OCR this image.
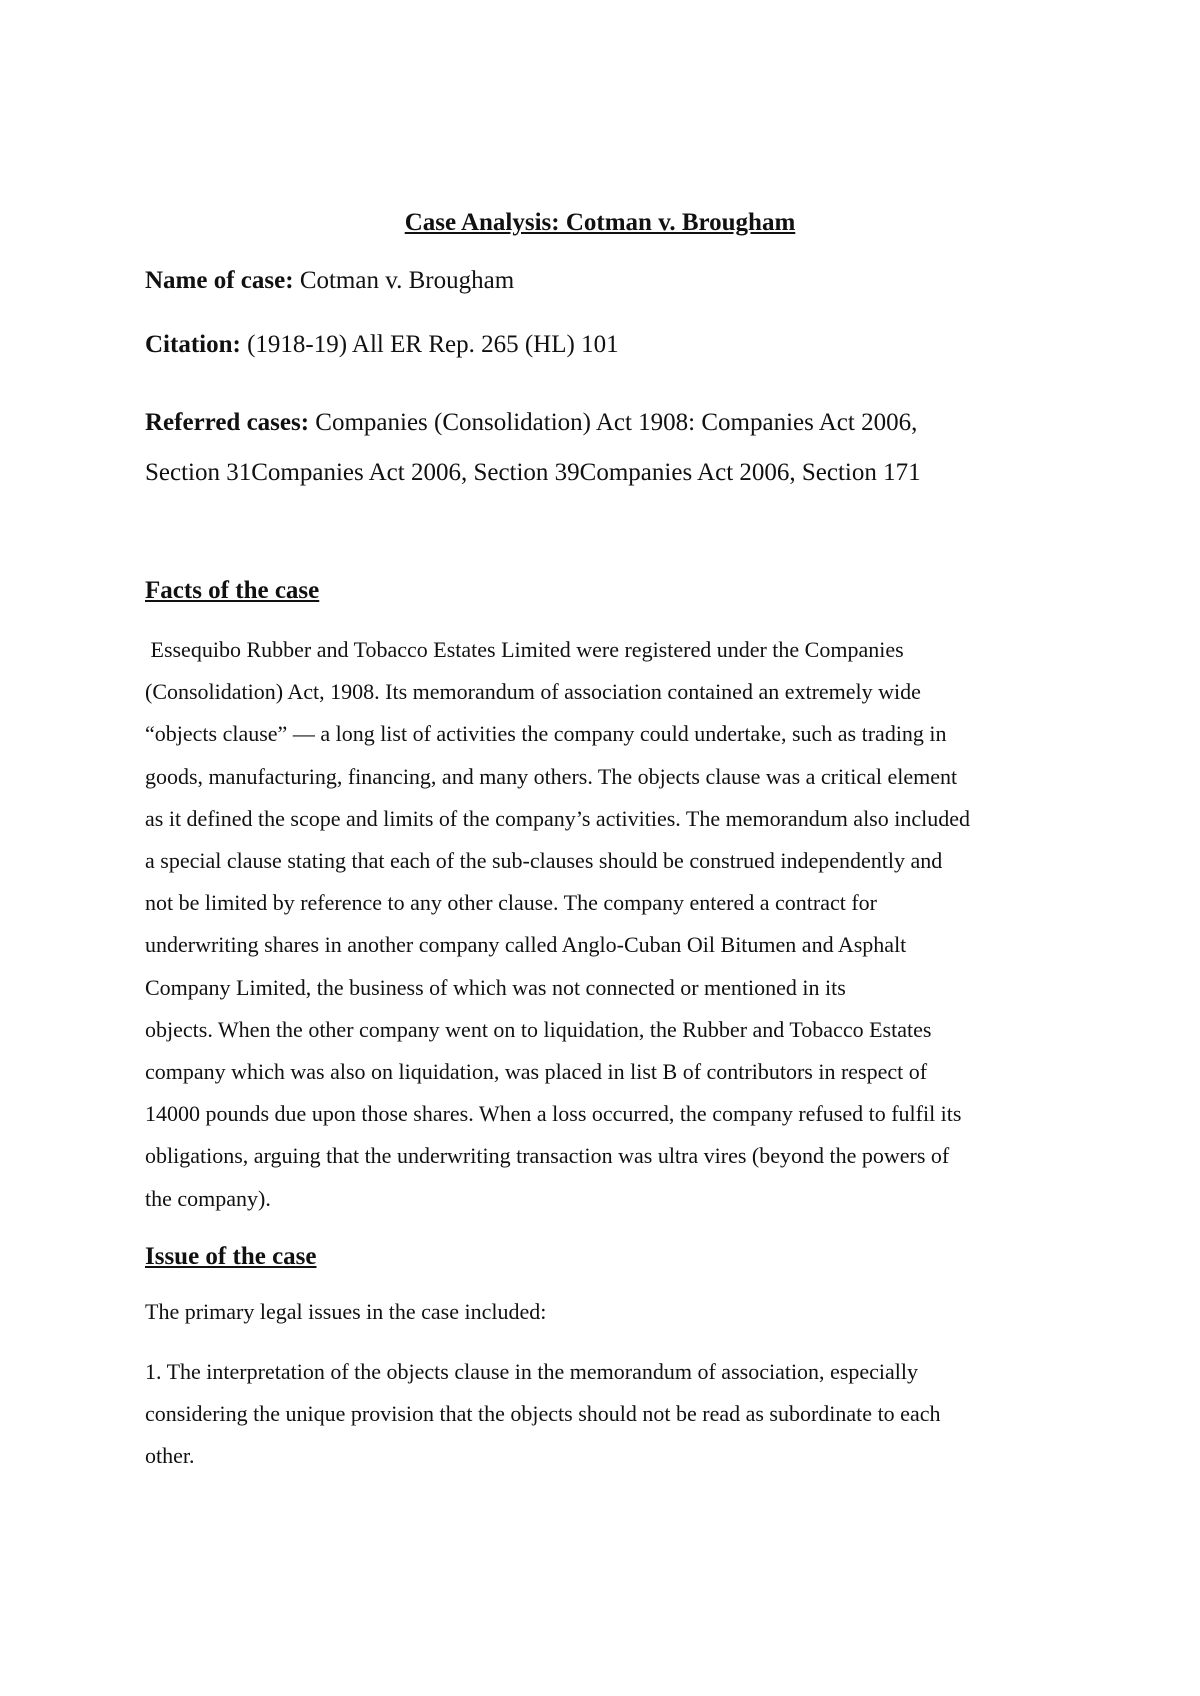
Case Analysis: Cotman v. Brougham

Name of case: Cotman v. Brougham

Citation: (1918-19) All ER Rep. 265 (HL) 101

Referred cases: Companies (Consolidation) Act 1908: Companies Act 2006,
Section 31Companies Act 2006, Section 39Companies Act 2006, Section 171

Facts of the case

Essequibo Rubber and Tobacco Estates Limited were registered under the Companies
(Consolidation) Act, 1908. Its memorandum of association contained an extremely wide
“objects clause” — a long list of activities the company could undertake, such as trading in
goods, manufacturing, financing, and many others. The objects clause was a critical element
as it defined the scope and limits of the company’s activities. The memorandum also included
a special clause stating that each of the sub-clauses should be construed independently and
not be limited by reference to any other clause. The company entered a contract for
underwriting shares in another company called Anglo-Cuban Oil Bitumen and Asphalt
Company Limited, the business of which was not connected or mentioned in its
objects. When the other company went on to liquidation, the Rubber and Tobacco Estates
company which was also on liquidation, was placed in list B of contributors in respect of
14000 pounds due upon those shares. When a loss occurred, the company refused to fulfil its
obligations, arguing that the underwriting transaction was ultra vires (beyond the powers of
the company).

Issue of the case

The primary legal issues in the case included:

1. The interpretation of the objects clause in the memorandum of association, especially
considering the unique provision that the objects should not be read as subordinate to each
other.
